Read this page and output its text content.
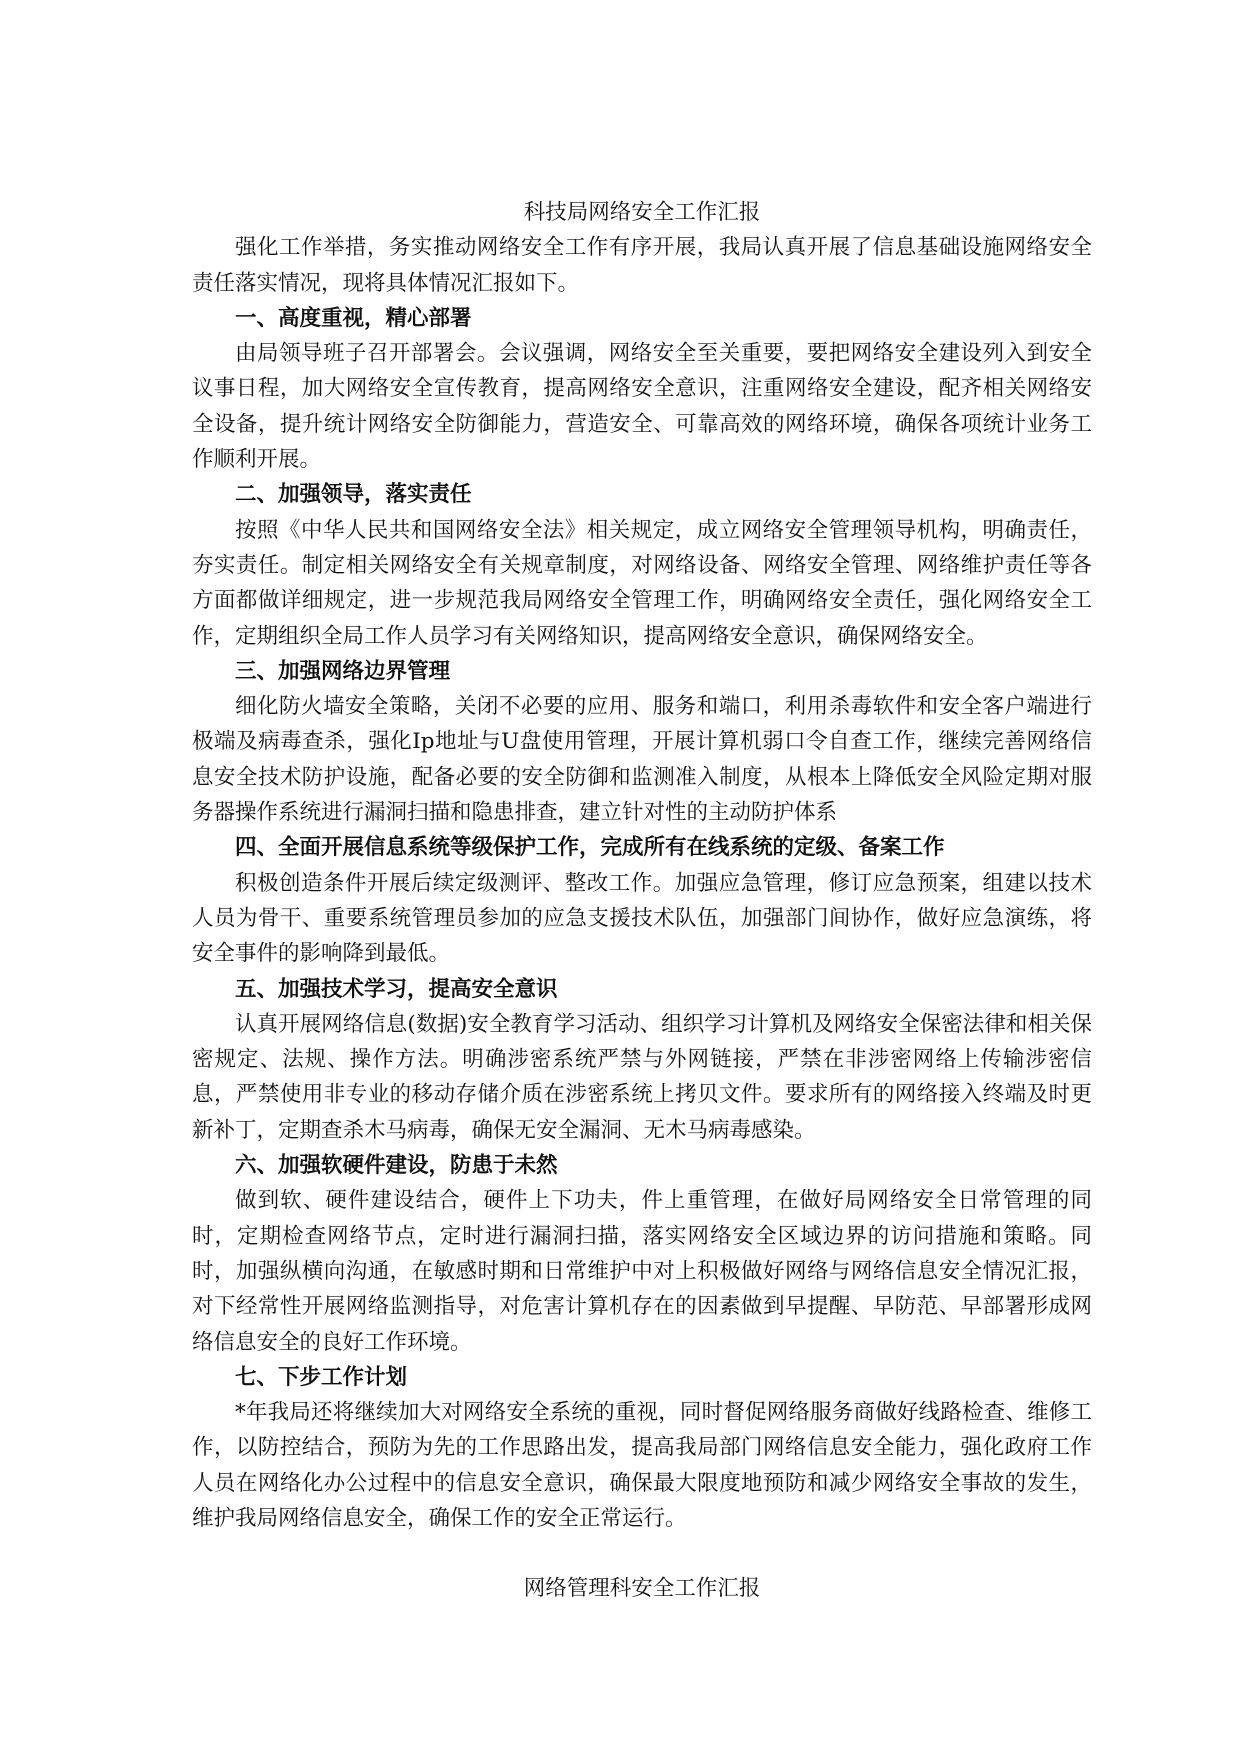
科技局网络安全工作汇报

强化工作举措，务实推动网络安全工作有序开展，我局认真开展了信息基础设施网络安全责任落实情况，现将具体情况汇报如下。

一、高度重视，精心部署

由局领导班子召开部署会。会议强调，网络安全至关重要，要把网络安全建设列入到安全议事日程，加大网络安全宣传教育，提高网络安全意识，注重网络安全建设，配齐相关网络安全设备，提升统计网络安全防御能力，营造安全、可靠高效的网络环境，确保各项统计业务工作顺利开展。

二、加强领导，落实责任

按照《中华人民共和国网络安全法》相关规定，成立网络安全管理领导机构，明确责任，夯实责任。制定相关网络安全有关规章制度，对网络设备、网络安全管理、网络维护责任等各方面都做详细规定，进一步规范我局网络安全管理工作，明确网络安全责任，强化网络安全工作，定期组织全局工作人员学习有关网络知识，提高网络安全意识，确保网络安全。

三、加强网络边界管理

细化防火墙安全策略，关闭不必要的应用、服务和端口，利用杀毒软件和安全客户端进行极端及病毒查杀，强化Ip地址与U盘使用管理，开展计算机弱口令自查工作，继续完善网络信息安全技术防护设施，配备必要的安全防御和监测准入制度，从根本上降低安全风险定期对服务器操作系统进行漏洞扫描和隐患排查，建立针对性的主动防护体系

四、全面开展信息系统等级保护工作，完成所有在线系统的定级、备案工作

积极创造条件开展后续定级测评、整改工作。加强应急管理，修订应急预案，组建以技术人员为骨干、重要系统管理员参加的应急支援技术队伍，加强部门间协作，做好应急演练，将安全事件的影响降到最低。

五、加强技术学习，提高安全意识

认真开展网络信息(数据)安全教育学习活动、组织学习计算机及网络安全保密法律和相关保密规定、法规、操作方法。明确涉密系统严禁与外网链接，严禁在非涉密网络上传输涉密信息，严禁使用非专业的移动存储介质在涉密系统上拷贝文件。要求所有的网络接入终端及时更新补丁，定期查杀木马病毒，确保无安全漏洞、无木马病毒感染。

六、加强软硬件建设，防患于未然

做到软、硬件建设结合，硬件上下功夫，件上重管理，在做好局网络安全日常管理的同时，定期检查网络节点，定时进行漏洞扫描，落实网络安全区域边界的访问措施和策略。同时，加强纵横向沟通，在敏感时期和日常维护中对上积极做好网络与网络信息安全情况汇报，对下经常性开展网络监测指导，对危害计算机存在的因素做到早提醒、早防范、早部署形成网络信息安全的良好工作环境。

七、下步工作计划

*年我局还将继续加大对网络安全系统的重视，同时督促网络服务商做好线路检查、维修工作，以防控结合，预防为先的工作思路出发，提高我局部门网络信息安全能力，强化政府工作人员在网络化办公过程中的信息安全意识，确保最大限度地预防和减少网络安全事故的发生，维护我局网络信息安全，确保工作的安全正常运行。

网络管理科安全工作汇报
